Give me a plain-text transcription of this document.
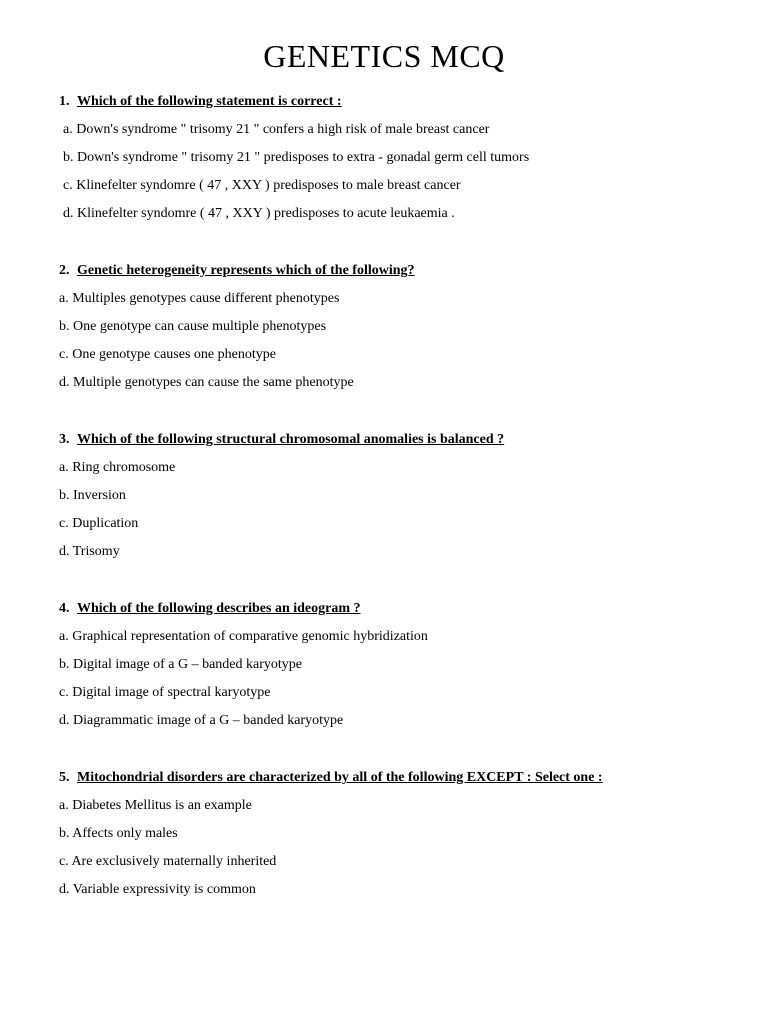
GENETICS MCQ
1. Which of the following statement is correct :
a. Down's syndrome " trisomy 21 " confers a high risk of male breast cancer
b. Down's syndrome " trisomy 21 " predisposes to extra - gonadal germ cell tumors
c. Klinefelter syndomre ( 47 , XXY ) predisposes to male breast cancer
d. Klinefelter syndomre ( 47 , XXY ) predisposes to acute leukaemia .
2. Genetic heterogeneity represents which of the following?
a. Multiples genotypes cause different phenotypes
b. One genotype can cause multiple phenotypes
c. One genotype causes one phenotype
d. Multiple genotypes can cause the same phenotype
3. Which of the following structural chromosomal anomalies is balanced ?
a. Ring chromosome
b. Inversion
c. Duplication
d. Trisomy
4. Which of the following describes an ideogram ?
a. Graphical representation of comparative genomic hybridization
b. Digital image of a G – banded karyotype
c. Digital image of spectral karyotype
d. Diagrammatic image of a G – banded karyotype
5. Mitochondrial disorders are characterized by all of the following EXCEPT : Select one :
a. Diabetes Mellitus is an example
b. Affects only males
c. Are exclusively maternally inherited
d. Variable expressivity is common
